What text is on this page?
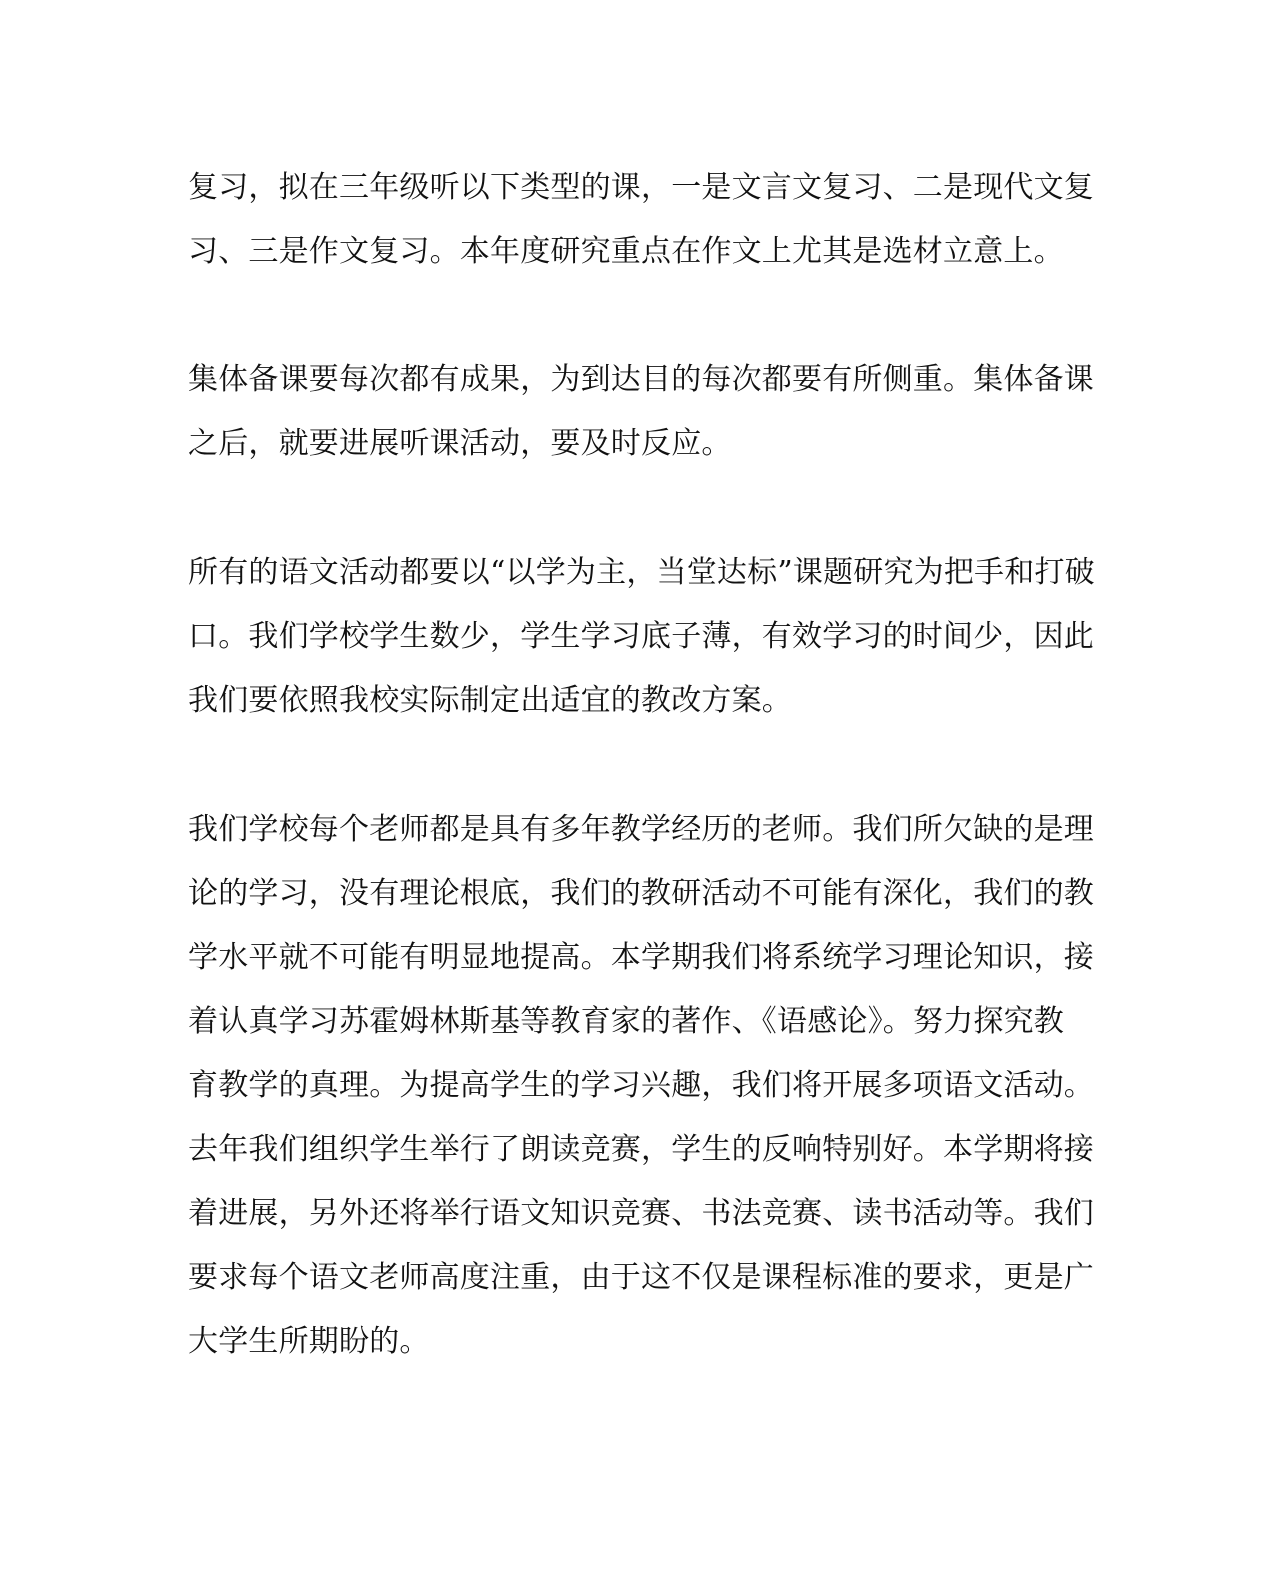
复习，拟在三年级听以下类型的课，一是文言文复习、二是现代文复
习、三是作文复习。本年度研究重点在作文上尤其是选材立意上。
集体备课要每次都有成果，为到达目的每次都要有所侧重。集体备课
之后，就要进展听课活动，要及时反应。
所有的语文活动都要以“以学为主，当堂达标”课题研究为把手和打破
口。我们学校学生数少，学生学习底子薄，有效学习的时间少，因此
我们要依照我校实际制定出适宜的教改方案。
我们学校每个老师都是具有多年教学经历的老师。我们所欠缺的是理
论的学习，没有理论根底，我们的教研活动不可能有深化，我们的教
学水平就不可能有明显地提高。本学期我们将系统学习理论知识，接
着认真学习苏霍姆林斯基等教育家的著作、《语感论》。努力探究教
育教学的真理。为提高学生的学习兴趣，我们将开展多项语文活动。
去年我们组织学生举行了朗读竞赛，学生的反响特别好。本学期将接
着进展，另外还将举行语文知识竞赛、书法竞赛、读书活动等。我们
要求每个语文老师高度注重，由于这不仅是课程标准的要求，更是广
大学生所期盼的。
